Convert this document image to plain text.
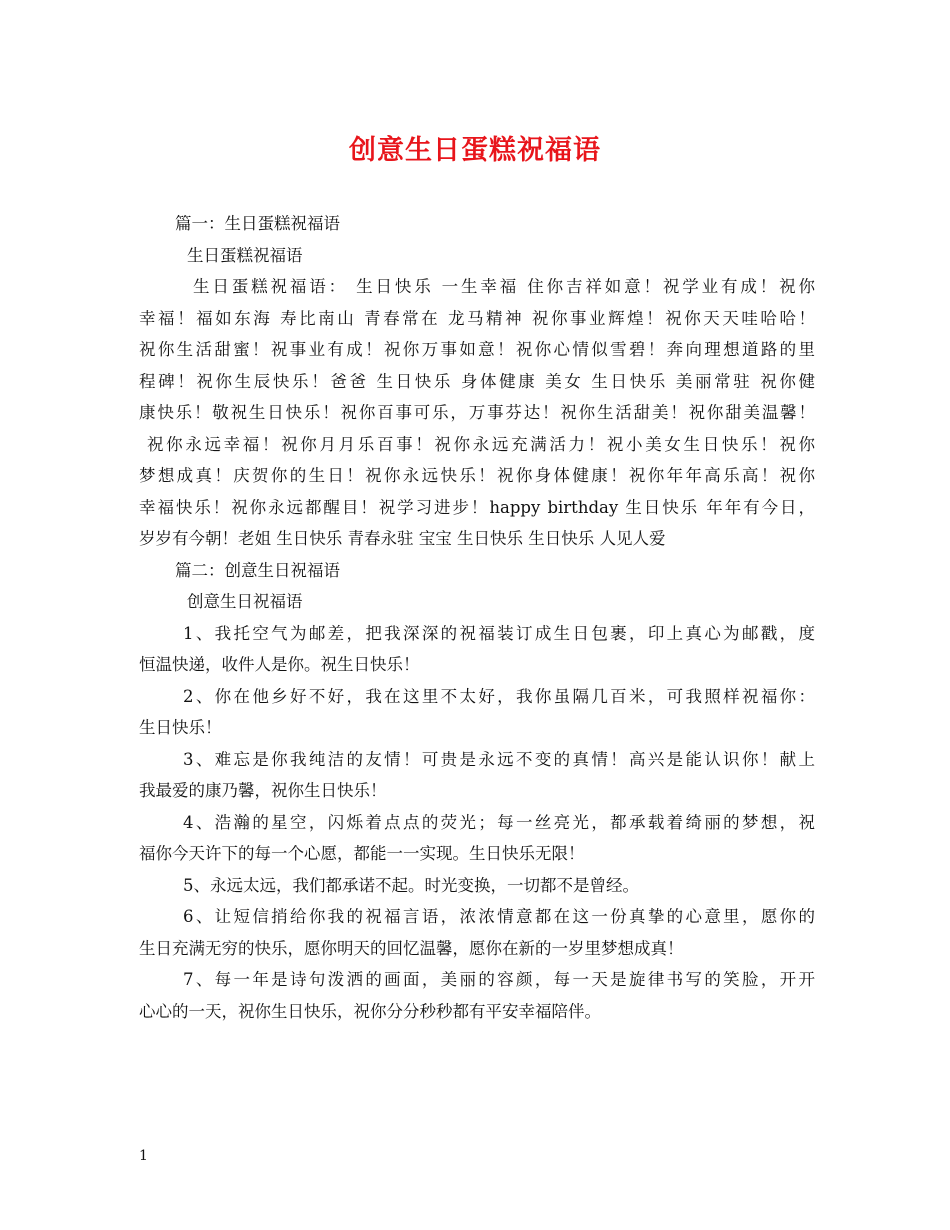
创意生日蛋糕祝福语
篇一：生日蛋糕祝福语
生日蛋糕祝福语
生日蛋糕祝福语： 生日快乐 一生幸福 住你吉祥如意！祝学业有成！祝你
幸福！福如东海 寿比南山 青春常在 龙马精神 祝你事业辉煌！祝你天天哇哈哈！
祝你生活甜蜜！祝事业有成！祝你万事如意！祝你心情似雪碧！奔向理想道路的里
程碑！祝你生辰快乐！爸爸 生日快乐 身体健康 美女 生日快乐 美丽常驻 祝你健
康快乐！敬祝生日快乐！祝你百事可乐，万事芬达！祝你生活甜美！祝你甜美温馨！
祝你永远幸福！祝你月月乐百事！祝你永远充满活力！祝小美女生日快乐！祝你
梦想成真！庆贺你的生日！祝你永远快乐！祝你身体健康！祝你年年高乐高！祝你
幸福快乐！祝你永远都醒目！祝学习进步！happy birthday 生日快乐 年年有今日，
岁岁有今朝！老姐 生日快乐 青春永驻 宝宝 生日快乐 生日快乐 人见人爱
篇二：创意生日祝福语
创意生日祝福语
1、我托空气为邮差，把我深深的祝福装订成生日包裹，印上真心为邮戳，度
恒温快递，收件人是你。祝生日快乐！
2、你在他乡好不好，我在这里不太好，我你虽隔几百米，可我照样祝福你：
生日快乐！
3、难忘是你我纯洁的友情！可贵是永远不变的真情！高兴是能认识你！献上
我最爱的康乃馨，祝你生日快乐！
4、浩瀚的星空，闪烁着点点的荧光；每一丝亮光，都承载着绮丽的梦想，祝
福你今天许下的每一个心愿，都能一一实现。生日快乐无限！
5、永远太远，我们都承诺不起。时光变换，一切都不是曾经。
6、让短信捎给你我的祝福言语，浓浓情意都在这一份真挚的心意里，愿你的
生日充满无穷的快乐，愿你明天的回忆温馨，愿你在新的一岁里梦想成真！
7、每一年是诗句泼洒的画面，美丽的容颜，每一天是旋律书写的笑脸，开开
心心的一天，祝你生日快乐，祝你分分秒秒都有平安幸福陪伴。
1
